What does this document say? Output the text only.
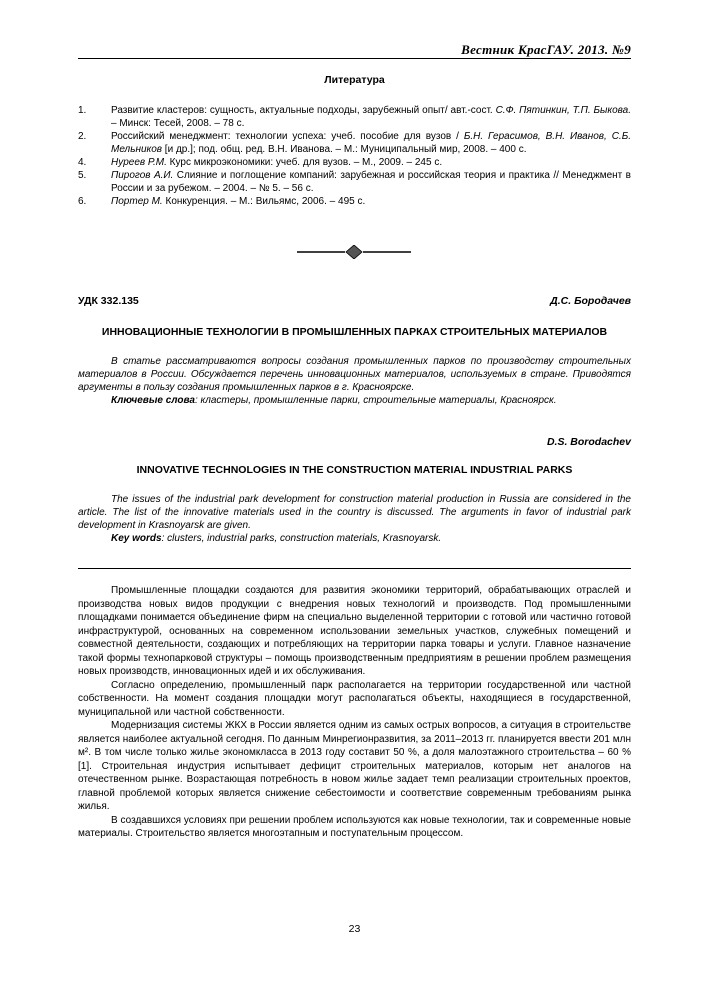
Вестник КрасГАУ. 2013. №9
Литература
1.	Развитие кластеров: сущность, актуальные подходы, зарубежный опыт/ авт.-сост. С.Ф. Пятинкин, Т.П. Быкова. – Минск: Тесей, 2008. – 78 с.
2.	Российский менеджмент: технологии успеха: учеб. пособие для вузов / Б.Н. Герасимов, В.Н. Иванов, С.Б. Мельников [и др.]; под. общ. ред. В.Н. Иванова. – М.: Муниципальный мир, 2008. – 400 с.
4.	Нуреев Р.М. Курс микроэкономики: учеб. для вузов. – М., 2009. – 245 с.
5.	Пирогов А.И. Слияние и поглощение компаний: зарубежная и российская теория и практика // Менеджмент в России и за рубежом. – 2004. – № 5. – 56 с.
6.	Портер М. Конкуренция. – М.: Вильямс, 2006. – 495 с.
УДК 332.135	Д.С. Бородачев
ИННОВАЦИОННЫЕ ТЕХНОЛОГИИ В ПРОМЫШЛЕННЫХ ПАРКАХ СТРОИТЕЛЬНЫХ МАТЕРИАЛОВ

В статье рассматриваются вопросы создания промышленных парков по производству строительных материалов в России. Обсуждается перечень инновационных материалов, используемых в стране. Приводятся аргументы в пользу создания промышленных парков в г. Красноярске.

Ключевые слова: кластеры, промышленные парки, строительные материалы, Красноярск.

D.S. Borodachev
INNOVATIVE TECHNOLOGIES IN THE CONSTRUCTION MATERIAL INDUSTRIAL PARKS

The issues of the industrial park development for construction material production in Russia are considered in the article. The list of the innovative materials used in the country is discussed. The arguments in favor of industrial park development in Krasnoyarsk are given.

Key words: clusters, industrial parks, construction materials, Krasnoyarsk.

Промышленные площадки создаются для развития экономики территорий, обрабатывающих отраслей и производства новых видов продукции с внедрения новых технологий и производств. Под промышленными площадками понимается объединение фирм на специально выделенной территории с готовой или частично готовой инфраструктурой, основанных на современном использовании земельных участков, служебных помещений и совместной деятельности, создающих и потребляющих на территории парка товары и услуги. Главное назначение такой формы технопарковой структуры – помощь производственным предприятиям в решении проблем размещения новых производств, инновационных идей и их обслуживания.

Согласно определению, промышленный парк располагается на территории государственной или частной собственности. На момент создания площадки могут располагаться объекты, находящиеся в государственной, муниципальной или частной собственности.

Модернизация системы ЖКХ в России является одним из самых острых вопросов, а ситуация в строительстве является наиболее актуальной сегодня. По данным Минрегионразвития, за 2011–2013 гг. планируется ввести 201 млн м². В том числе только жилье экономкласса в 2013 году составит 50 %, а доля малоэтажного строительства – 60 % [1]. Строительная индустрия испытывает дефицит строительных материалов, которым нет аналогов на отечественном рынке. Возрастающая потребность в новом жилье задает темп реализации строительных проектов, главной проблемой которых является снижение себестоимости и соответствие современным требованиям рынка жилья.

В создавшихся условиях при решении проблем используются как новые технологии, так и современные новые материалы. Строительство является многоэтапным и поступательным процессом.

23
